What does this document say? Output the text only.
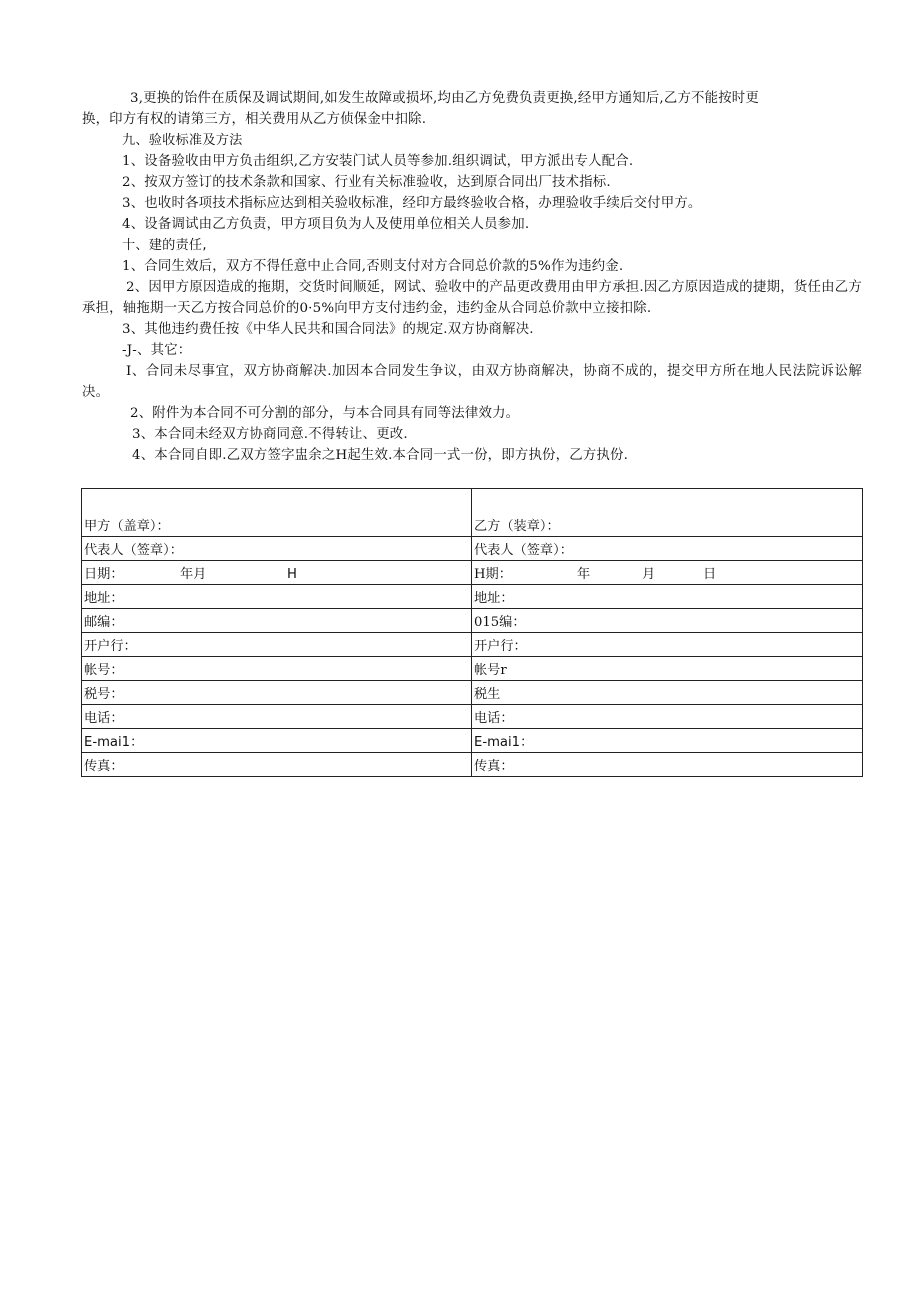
3,更换的饴件在质保及调试期间,如发生故障或损坏,均由乙方免费负责更换,经甲方通知后,乙方不能按时更
换，印方有权的请第三方，相关费用从乙方侦保金中扣除.
九、验收标准及方法
1、设备验收由甲方负击组织,乙方安装门试人员等参加.组织调试，甲方派出专人配合.
2、按双方签订的技术条款和国家、行业有关标准验收，达到原合同出厂技术指标.
3、也收时各项技术指标应达到相关验收标准，经印方最终验收合格，办理验收手续后交付甲方。
4、设备调试由乙方负责，甲方项目负为人及使用单位相关人员参加.
十、建的责任,
1、合同生效后，双方不得任意中止合同,否则支付对方合同总价款的5%作为违约金.
2、因甲方原因造成的拖期，交货时间顺延，网试、验收中的产品更改费用由甲方承担.因乙方原因造成的捷期，货任由乙方承担，轴拖期一天乙方按合同总价的0·5%向甲方支付违约金，违约金从合同总价款中立接扣除.
3、其他违约费任按《中华人民共和国合同法》的规定.双方协商解决.
-J-、其它：
I、合同未尽事宜，双方协商解决.加因本合同发生争议，由双方协商解决，协商不成的，提交甲方所在地人民法院诉讼解决。
2、附件为本合同不可分割的部分，与本合同具有同等法律效力。
3、本合同未经双方协商同意.不得转让、更改.
4、本合同自即.乙双方签字盅余之H起生效.本合同一式一份，即方执份，乙方执份.
甲方（盖章）：	乙方（装章）：
代表人（签章）：	代表人（签章）：

日期： 年月 H	H期： 年 月 日

地址：	地址：
邮编：	015编：
开户行：	开户行：
帐号：	帐号r
税号：	税生
电话：	电话：
E-mai1：	E-mai1：
传真：	传真：
